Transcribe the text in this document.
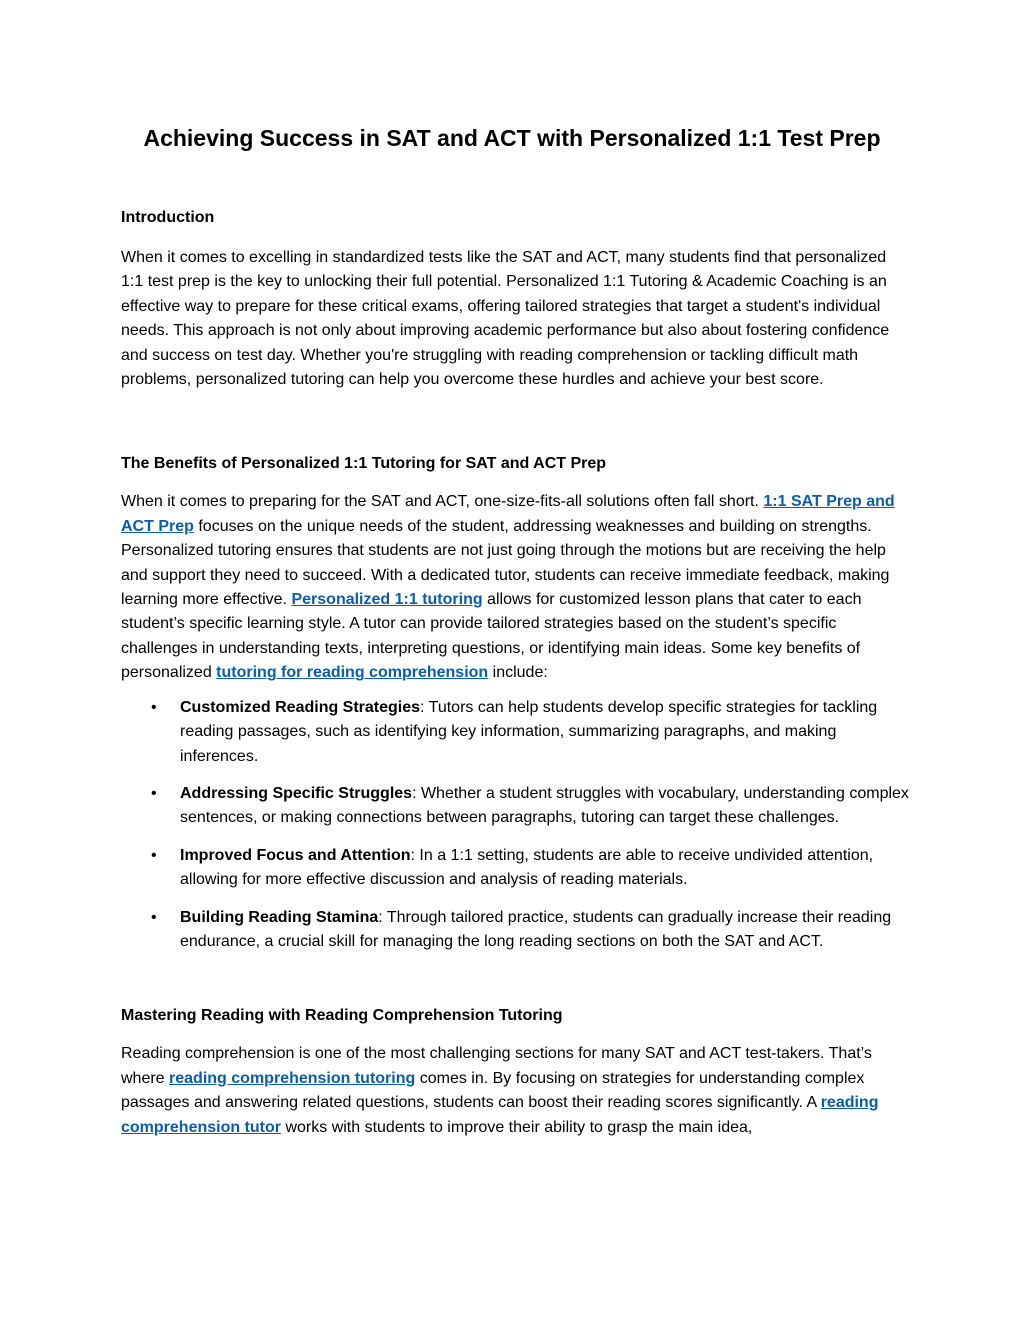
Achieving Success in SAT and ACT with Personalized 1:1 Test Prep
Introduction

When it comes to excelling in standardized tests like the SAT and ACT, many students find that personalized 1:1 test prep is the key to unlocking their full potential. Personalized 1:1 Tutoring & Academic Coaching is an effective way to prepare for these critical exams, offering tailored strategies that target a student's individual needs. This approach is not only about improving academic performance but also about fostering confidence and success on test day. Whether you're struggling with reading comprehension or tackling difficult math problems, personalized tutoring can help you overcome these hurdles and achieve your best score.

The Benefits of Personalized 1:1 Tutoring for SAT and ACT Prep

When it comes to preparing for the SAT and ACT, one-size-fits-all solutions often fall short. 1:1 SAT Prep and ACT Prep focuses on the unique needs of the student, addressing weaknesses and building on strengths. Personalized tutoring ensures that students are not just going through the motions but are receiving the help and support they need to succeed. With a dedicated tutor, students can receive immediate feedback, making learning more effective. Personalized 1:1 tutoring allows for customized lesson plans that cater to each student’s specific learning style. A tutor can provide tailored strategies based on the student’s specific challenges in understanding texts, interpreting questions, or identifying main ideas. Some key benefits of personalized tutoring for reading comprehension include:

• Customized Reading Strategies: Tutors can help students develop specific strategies for tackling reading passages, such as identifying key information, summarizing paragraphs, and making inferences.
• Addressing Specific Struggles: Whether a student struggles with vocabulary, understanding complex sentences, or making connections between paragraphs, tutoring can target these challenges.
• Improved Focus and Attention: In a 1:1 setting, students are able to receive undivided attention, allowing for more effective discussion and analysis of reading materials.
• Building Reading Stamina: Through tailored practice, students can gradually increase their reading endurance, a crucial skill for managing the long reading sections on both the SAT and ACT.
Mastering Reading with Reading Comprehension Tutoring

Reading comprehension is one of the most challenging sections for many SAT and ACT test-takers. That’s where reading comprehension tutoring comes in. By focusing on strategies for understanding complex passages and answering related questions, students can boost their reading scores significantly. A reading comprehension tutor works with students to improve their ability to grasp the main idea,
